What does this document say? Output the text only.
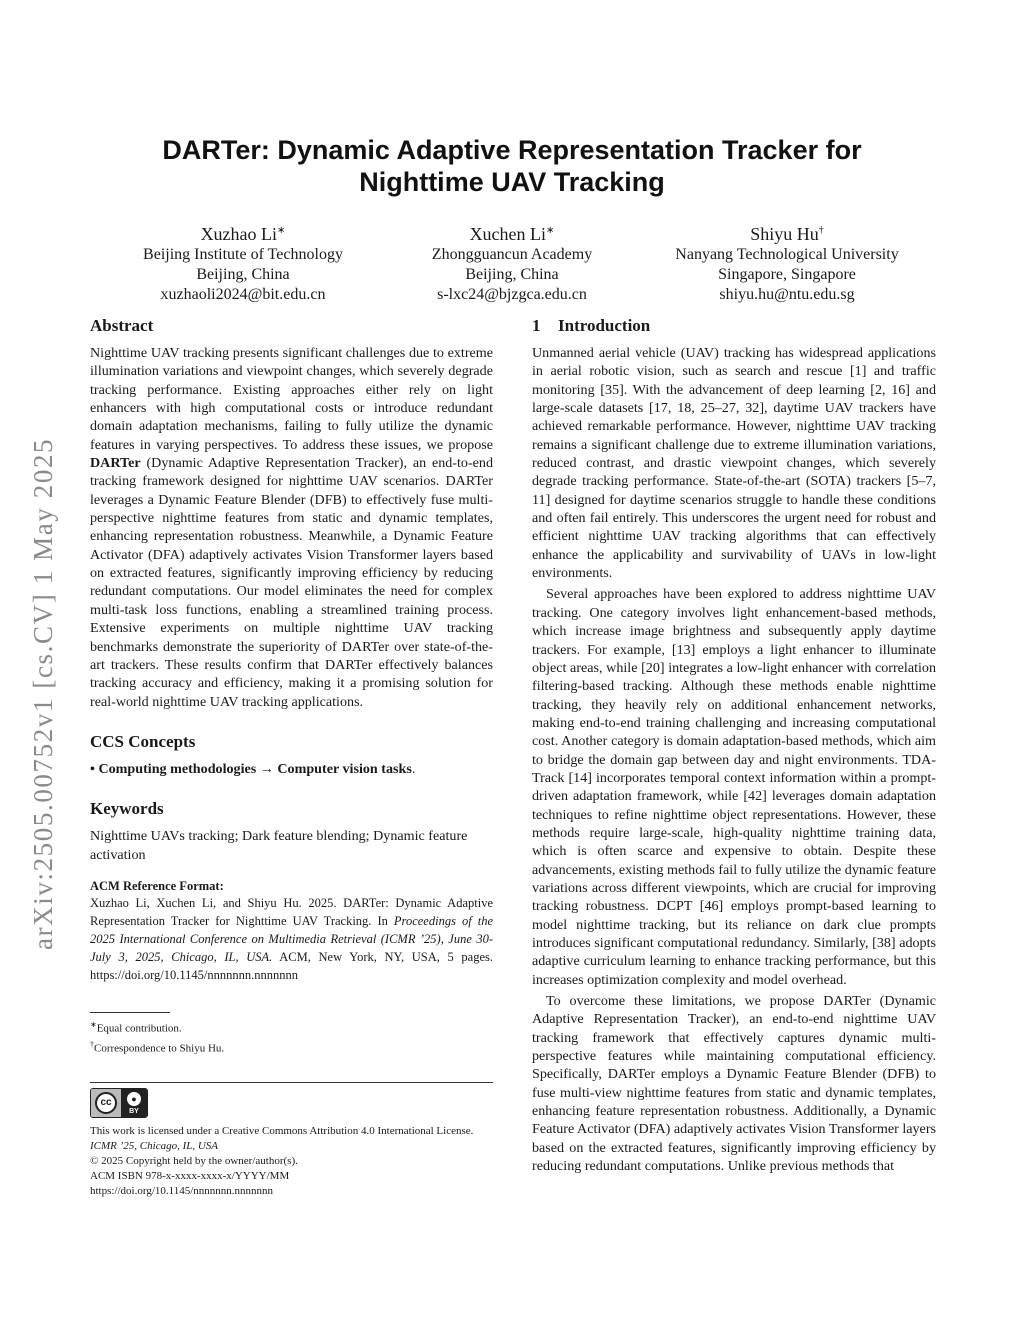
arXiv:2505.00752v1 [cs.CV] 1 May 2025
DARTer: Dynamic Adaptive Representation Tracker for
Nighttime UAV Tracking
Xuzhao Li∗
Beijing Institute of Technology
Beijing, China
xuzhaoli2024@bit.edu.cn
Xuchen Li∗
Zhongguancun Academy
Beijing, China
s-lxc24@bjzgca.edu.cn
Shiyu Hu†
Nanyang Technological University
Singapore, Singapore
shiyu.hu@ntu.edu.sg
Abstract

Nighttime UAV tracking presents significant challenges due to extreme illumination variations and viewpoint changes, which severely degrade tracking performance. Existing approaches either rely on light enhancers with high computational costs or introduce redundant domain adaptation mechanisms, failing to fully utilize the dynamic features in varying perspectives. To address these issues, we propose DARTer (Dynamic Adaptive Representation Tracker), an end-to-end tracking framework designed for nighttime UAV scenarios. DARTer leverages a Dynamic Feature Blender (DFB) to effectively fuse multi-perspective nighttime features from static and dynamic templates, enhancing representation robustness. Meanwhile, a Dynamic Feature Activator (DFA) adaptively activates Vision Transformer layers based on extracted features, significantly improving efficiency by reducing redundant computations. Our model eliminates the need for complex multi-task loss functions, enabling a streamlined training process. Extensive experiments on multiple nighttime UAV tracking benchmarks demonstrate the superiority of DARTer over state-of-the-art trackers. These results confirm that DARTer effectively balances tracking accuracy and efficiency, making it a promising solution for real-world nighttime UAV tracking applications.

CCS Concepts

• Computing methodologies → Computer vision tasks.

Keywords

Nighttime UAVs tracking; Dark feature blending; Dynamic feature activation

ACM Reference Format:

Xuzhao Li, Xuchen Li, and Shiyu Hu. 2025. DARTer: Dynamic Adaptive Representation Tracker for Nighttime UAV Tracking. In Proceedings of the 2025 International Conference on Multimedia Retrieval (ICMR ’25), June 30-July 3, 2025, Chicago, IL, USA. ACM, New York, NY, USA, 5 pages. https://doi.org/10.1145/nnnnnnn.nnnnnnn

∗Equal contribution.
†Correspondence to Shiyu Hu.
cc	●
BY
This work is licensed under a Creative Commons Attribution 4.0 International License.
ICMR ’25, Chicago, IL, USA
© 2025 Copyright held by the owner/author(s).
ACM ISBN 978-x-xxxx-xxxx-x/YYYY/MM
https://doi.org/10.1145/nnnnnnn.nnnnnnn
1 Introduction

Unmanned aerial vehicle (UAV) tracking has widespread applications in aerial robotic vision, such as search and rescue [1] and traffic monitoring [35]. With the advancement of deep learning [2, 16] and large-scale datasets [17, 18, 25–27, 32], daytime UAV trackers have achieved remarkable performance. However, nighttime UAV tracking remains a significant challenge due to extreme illumination variations, reduced contrast, and drastic viewpoint changes, which severely degrade tracking performance. State-of-the-art (SOTA) trackers [5–7, 11] designed for daytime scenarios struggle to handle these conditions and often fail entirely. This underscores the urgent need for robust and efficient nighttime UAV tracking algorithms that can effectively enhance the applicability and survivability of UAVs in low-light environments.

Several approaches have been explored to address nighttime UAV tracking. One category involves light enhancement-based methods, which increase image brightness and subsequently apply daytime trackers. For example, [13] employs a light enhancer to illuminate object areas, while [20] integrates a low-light enhancer with correlation filtering-based tracking. Although these methods enable nighttime tracking, they heavily rely on additional enhancement networks, making end-to-end training challenging and increasing computational cost. Another category is domain adaptation-based methods, which aim to bridge the domain gap between day and night environments. TDA-Track [14] incorporates temporal context information within a prompt-driven adaptation framework, while [42] leverages domain adaptation techniques to refine nighttime object representations. However, these methods require large-scale, high-quality nighttime training data, which is often scarce and expensive to obtain. Despite these advancements, existing methods fail to fully utilize the dynamic feature variations across different viewpoints, which are crucial for improving tracking robustness. DCPT [46] employs prompt-based learning to model nighttime tracking, but its reliance on dark clue prompts introduces significant computational redundancy. Similarly, [38] adopts adaptive curriculum learning to enhance tracking performance, but this increases optimization complexity and model overhead.

To overcome these limitations, we propose DARTer (Dynamic Adaptive Representation Tracker), an end-to-end nighttime UAV tracking framework that effectively captures dynamic multi-perspective features while maintaining computational efficiency. Specifically, DARTer employs a Dynamic Feature Blender (DFB) to fuse multi-view nighttime features from static and dynamic templates, enhancing feature representation robustness. Additionally, a Dynamic Feature Activator (DFA) adaptively activates Vision Transformer layers based on the extracted features, significantly improving efficiency by reducing redundant computations. Unlike previous methods that
